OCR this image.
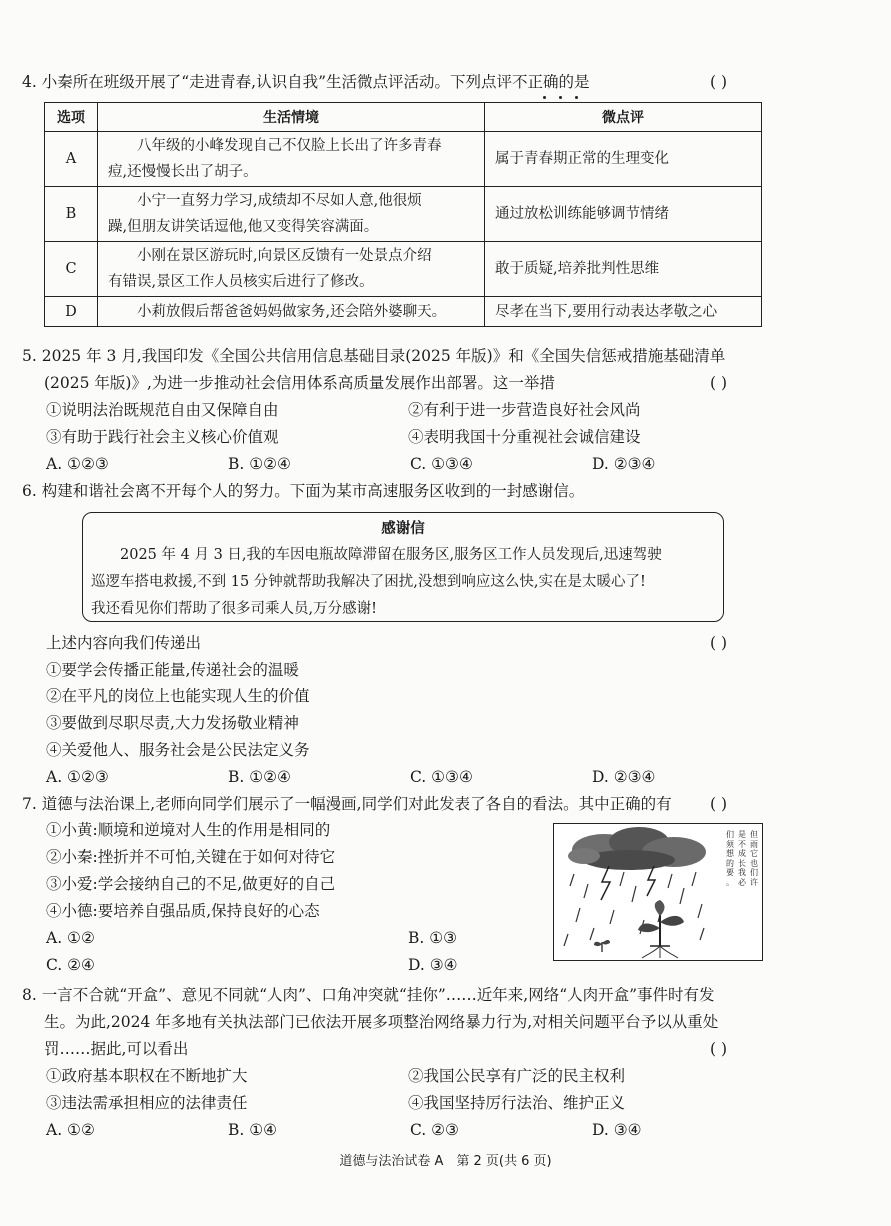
4. 小秦所在班级开展了“走进青春,认识自我”生活微点评活动。下列点评不正确的是	( )
选项	生活情境	微点评
A	　　八年级的小峰发现自己不仅脸上长出了许多青春
痘,还慢慢长出了胡子。	属于青春期正常的生理变化
B	　　小宁一直努力学习,成绩却不尽如人意,他很烦
躁,但朋友讲笑话逗他,他又变得笑容满面。	通过放松训练能够调节情绪
C	　　小刚在景区游玩时,向景区反馈有一处景点介绍
有错误,景区工作人员核实后进行了修改。	敢于质疑,培养批判性思维
D	　　小莉放假后帮爸爸妈妈做家务,还会陪外婆聊天。	尽孝在当下,要用行动表达孝敬之心
5. 2025 年 3 月,我国印发《全国公共信用信息基础目录(2025 年版)》和《全国失信惩戒措施基础清单
(2025 年版)》,为进一步推动社会信用体系高质量发展作出部署。这一举措	( )
①说明法治既规范自由又保障自由	②有利于进一步营造良好社会风尚
③有助于践行社会主义核心价值观	④表明我国十分重视社会诚信建设
A. ①②③	B. ①②④	C. ①③④	D. ②③④
6. 构建和谐社会离不开每个人的努力。下面为某市高速服务区收到的一封感谢信。
感谢信
　　2025 年 4 月 3 日,我的车因电瓶故障滞留在服务区,服务区工作人员发现后,迅速驾驶
巡逻车搭电救援,不到 15 分钟就帮助我解决了困扰,没想到响应这么快,实在是太暖心了!
我还看见你们帮助了很多司乘人员,万分感谢!
上述内容向我们传递出	( )
①要学会传播正能量,传递社会的温暖
②在平凡的岗位上也能实现人生的价值
③要做到尽职尽责,大力发扬敬业精神
④关爱他人、服务社会是公民法定义务
A. ①②③	B. ①②④	C. ①③④	D. ②③④
7. 道德与法治课上,老师向同学们展示了一幅漫画,同学们对此发表了各自的看法。其中正确的有 ( )
①小黄:顺境和逆境对人生的作用是相同的
②小秦:挫折并不可怕,关键在于如何对待它
③小爱:学会接纳自己的不足,做更好的自己
④小德:要培养自强品质,保持良好的心态
A. ①②	B. ①③
C. ②④	D. ③④
但
雨
它
也
们
许
是
不
成
长
我
必
们
须
想
的
要
。
8. 一言不合就“开盒”、意见不同就“人肉”、口角冲突就“挂你”……近年来,网络“人肉开盒”事件时有发
生。为此,2024 年多地有关执法部门已依法开展多项整治网络暴力行为,对相关问题平台予以从重处
罚……据此,可以看出	( )
①政府基本职权在不断地扩大	②我国公民享有广泛的民主权利
③违法需承担相应的法律责任	④我国坚持厉行法治、维护正义
A. ①②	B. ①④	C. ②③	D. ③④
道德与法治试卷 A　第 2 页(共 6 页)
